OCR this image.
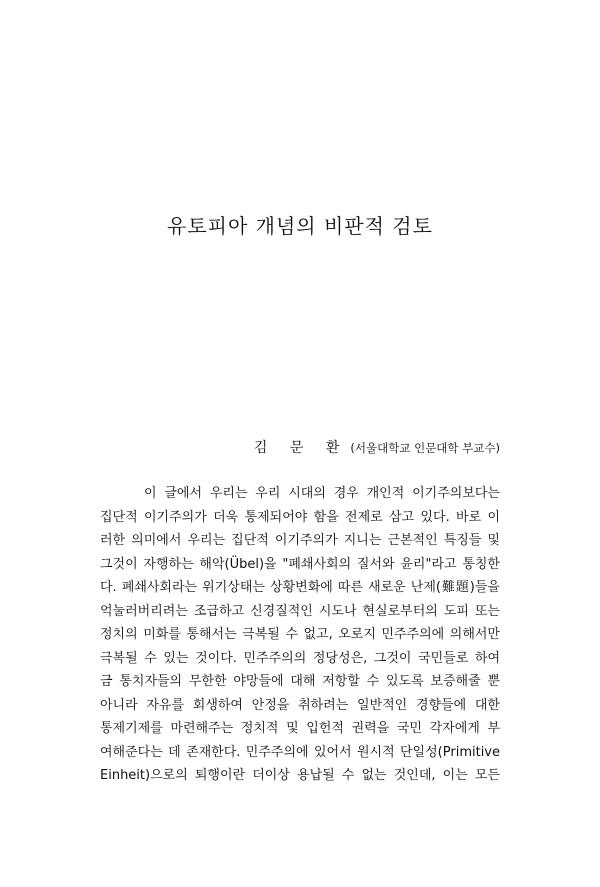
유토피아 개념의 비판적 검토
김 문 환 (서울대학교 인문대학 부교수)
이 글에서 우리는 우리 시대의 경우 개인적 이기주의보다는
집단적 이기주의가 더욱 통제되어야 함을 전제로 삼고 있다. 바로 이
러한 의미에서 우리는 집단적 이기주의가 지니는 근본적인 특징들 및
그것이 자행하는 해악(Übel)을 "폐쇄사회의 질서와 윤리"라고 통칭한
다. 폐쇄사회라는 위기상태는 상황변화에 따른 새로운 난제(難題)들을
억눌러버리려는 조급하고 신경질적인 시도나 현실로부터의 도피 또는
정치의 미화를 통해서는 극복될 수 없고, 오로지 민주주의에 의해서만
극복될 수 있는 것이다. 민주주의의 정당성은, 그것이 국민들로 하여
금 통치자들의 무한한 야망들에 대해 저항할 수 있도록 보증해줄 뿐
아니라 자유를 회생하여 안정을 취하려는 일반적인 경향들에 대한
통제기제를 마련해주는 정치적 및 입헌적 권력을 국민 각자에게 부
여해준다는 데 존재한다. 민주주의에 있어서 원시적 단일성(Primitive
Einheit)으로의 퇴행이란 더이상 용납될 수 없는 것인데, 이는 모든
